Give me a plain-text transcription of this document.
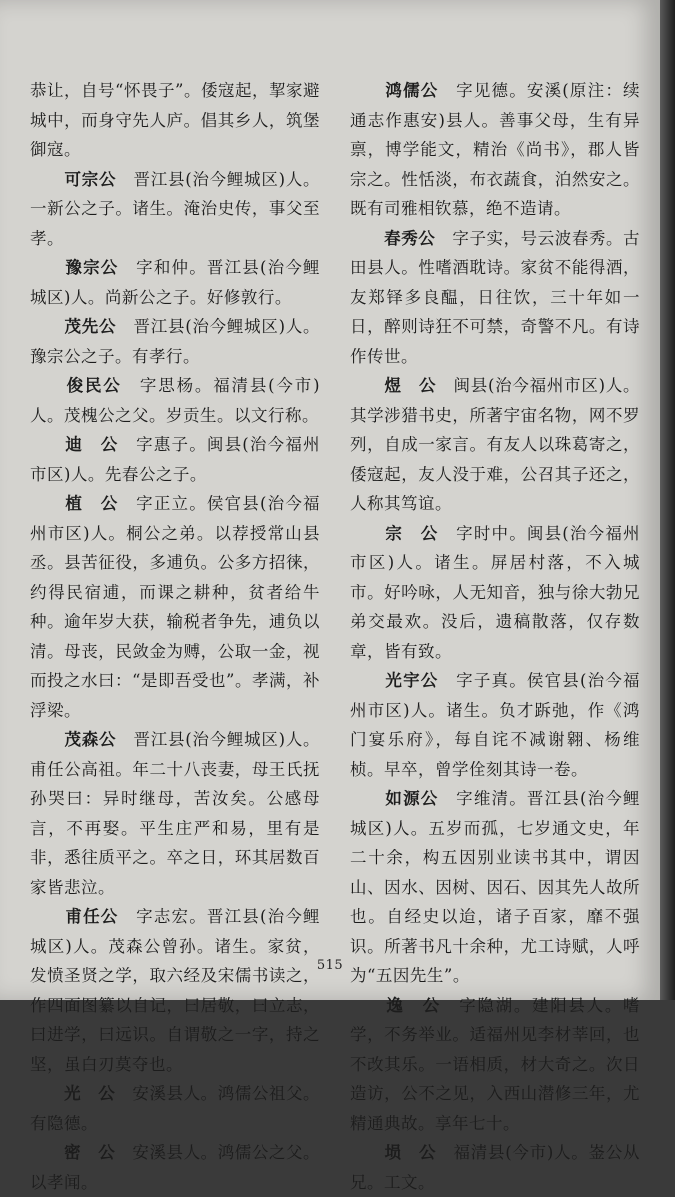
恭让，自号“怀畏子”。倭寇起，挈家避城中，而身守先人庐。倡其乡人，筑堡御寇。

　　可宗公　晋江县(治今鲤城区)人。一新公之子。诸生。淹治史传，事父至孝。

　　豫宗公　字和仲。晋江县(治今鲤城区)人。尚新公之子。好修敦行。

　　茂先公　晋江县(治今鲤城区)人。豫宗公之子。有孝行。

　　俊民公　字思杨。福清县(今市)人。茂槐公之父。岁贡生。以文行称。

　　迪　公　字惠子。闽县(治今福州市区)人。先春公之子。

　　植　公　字正立。侯官县(治今福州市区)人。桐公之弟。以荐授常山县丞。县苦征役，多逋负。公多方招徕，约得民宿逋，而课之耕种，贫者给牛种。逾年岁大获，输税者争先，逋负以清。母丧，民敛金为赙，公取一金，视而投之水曰：“是即吾受也”。孝满，补浮梁。

　　茂森公　晋江县(治今鲤城区)人。甫任公高祖。年二十八丧妻，母王氏抚孙哭曰：异时继母，苦汝矣。公感母言，不再娶。平生庄严和易，里有是非，悉往质平之。卒之日，环其居数百家皆悲泣。

　　甫任公　字志宏。晋江县(治今鲤城区)人。茂森公曾孙。诸生。家贫，发愤圣贤之学，取六经及宋儒书读之，作四面图纂以自记，曰居敬，曰立志，曰进学，曰远识。自谓敬之一字，持之坚，虽白刃莫夺也。

　　光　公　安溪县人。鸿儒公祖父。有隐德。

　　密　公　安溪县人。鸿儒公之父。以孝闻。

　　鸿儒公　字见德。安溪(原注：续通志作惠安)县人。善事父母，生有异禀，博学能文，精治《尚书》，郡人皆宗之。性恬淡，布衣蔬食，泊然安之。既有司雅相钦慕，绝不造请。

　　春秀公　字子实，号云波春秀。古田县人。性嗜酒耽诗。家贫不能得酒，友郑铎多良醖，日往饮，三十年如一日，醉则诗狂不可禁，奇警不凡。有诗作传世。

　　煜　公　闽县(治今福州市区)人。其学涉猎书史，所著宇宙名物，网不罗列，自成一家言。有友人以珠葛寄之，倭寇起，友人没于难，公召其子还之，人称其笃谊。

　　宗　公　字时中。闽县(治今福州市区)人。诸生。屏居村落，不入城市。好吟咏，人无知音，独与徐大勃兄弟交最欢。没后，遗稿散落，仅存数章，皆有致。

　　光宇公　字子真。侯官县(治今福州市区)人。诸生。负才跅弛，作《鸿门宴乐府》，每自诧不减谢翱、杨维桢。早卒，曾学佺刻其诗一卷。

　　如源公　字维清。晋江县(治今鲤城区)人。五岁而孤，七岁通文史，年二十余，构五因别业读书其中，谓因山、因水、因树、因石、因其先人故所也。自经史以迨，诸子百家，靡不强识。所著书凡十余种，尤工诗赋，人呼为“五因先生”。

　　逸　公　字隐湖。建阳县人。嗜学，不务举业。适福州见李材莘回，也不改其乐。一语相质，材大奇之。次日造访，公不之见，入西山潜修三年，尤精通典故。享年七十。

　　埙　公　福清县(今市)人。崟公从兄。工文。

515
